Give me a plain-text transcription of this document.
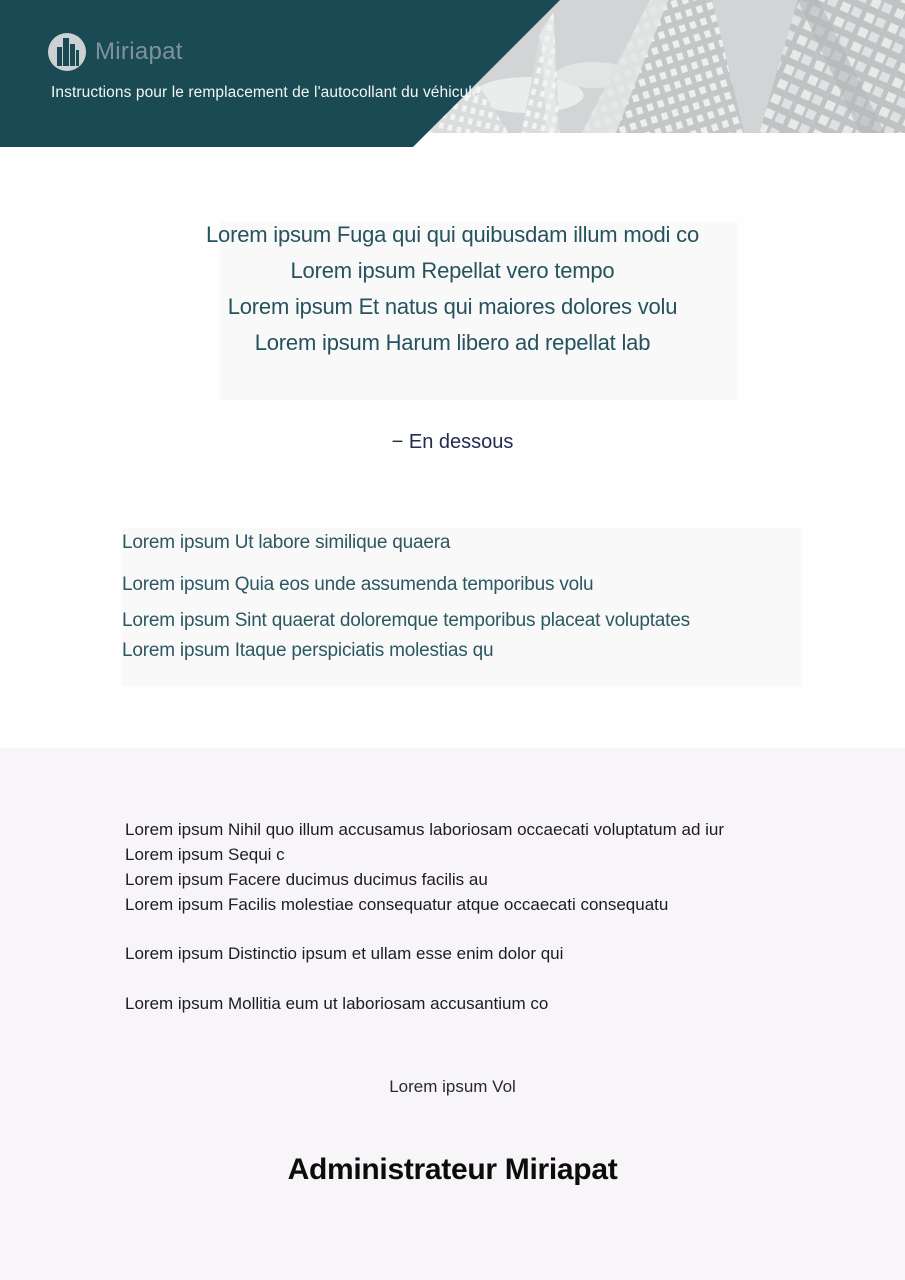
Miriapat
Instructions pour le remplacement de l'autocollant du véhicule
Lorem ipsum Fuga qui qui quibusdam illum modi co
Lorem ipsum Repellat vero tempo
Lorem ipsum Et natus qui maiores dolores volu
Lorem ipsum Harum libero ad repellat lab
− En dessous
Lorem ipsum Ut labore similique quaera
Lorem ipsum Quia eos unde assumenda temporibus volu
Lorem ipsum Sint quaerat doloremque temporibus placeat voluptates
Lorem ipsum Itaque perspiciatis molestias qu
Lorem ipsum Nihil quo illum accusamus laboriosam occaecati voluptatum ad iur
Lorem ipsum Sequi c
Lorem ipsum Facere ducimus ducimus facilis au
Lorem ipsum Facilis molestiae consequatur atque occaecati consequatu
Lorem ipsum Distinctio ipsum et ullam esse enim dolor qui
Lorem ipsum Mollitia eum ut laboriosam accusantium co
Lorem ipsum Vol
Administrateur Miriapat
